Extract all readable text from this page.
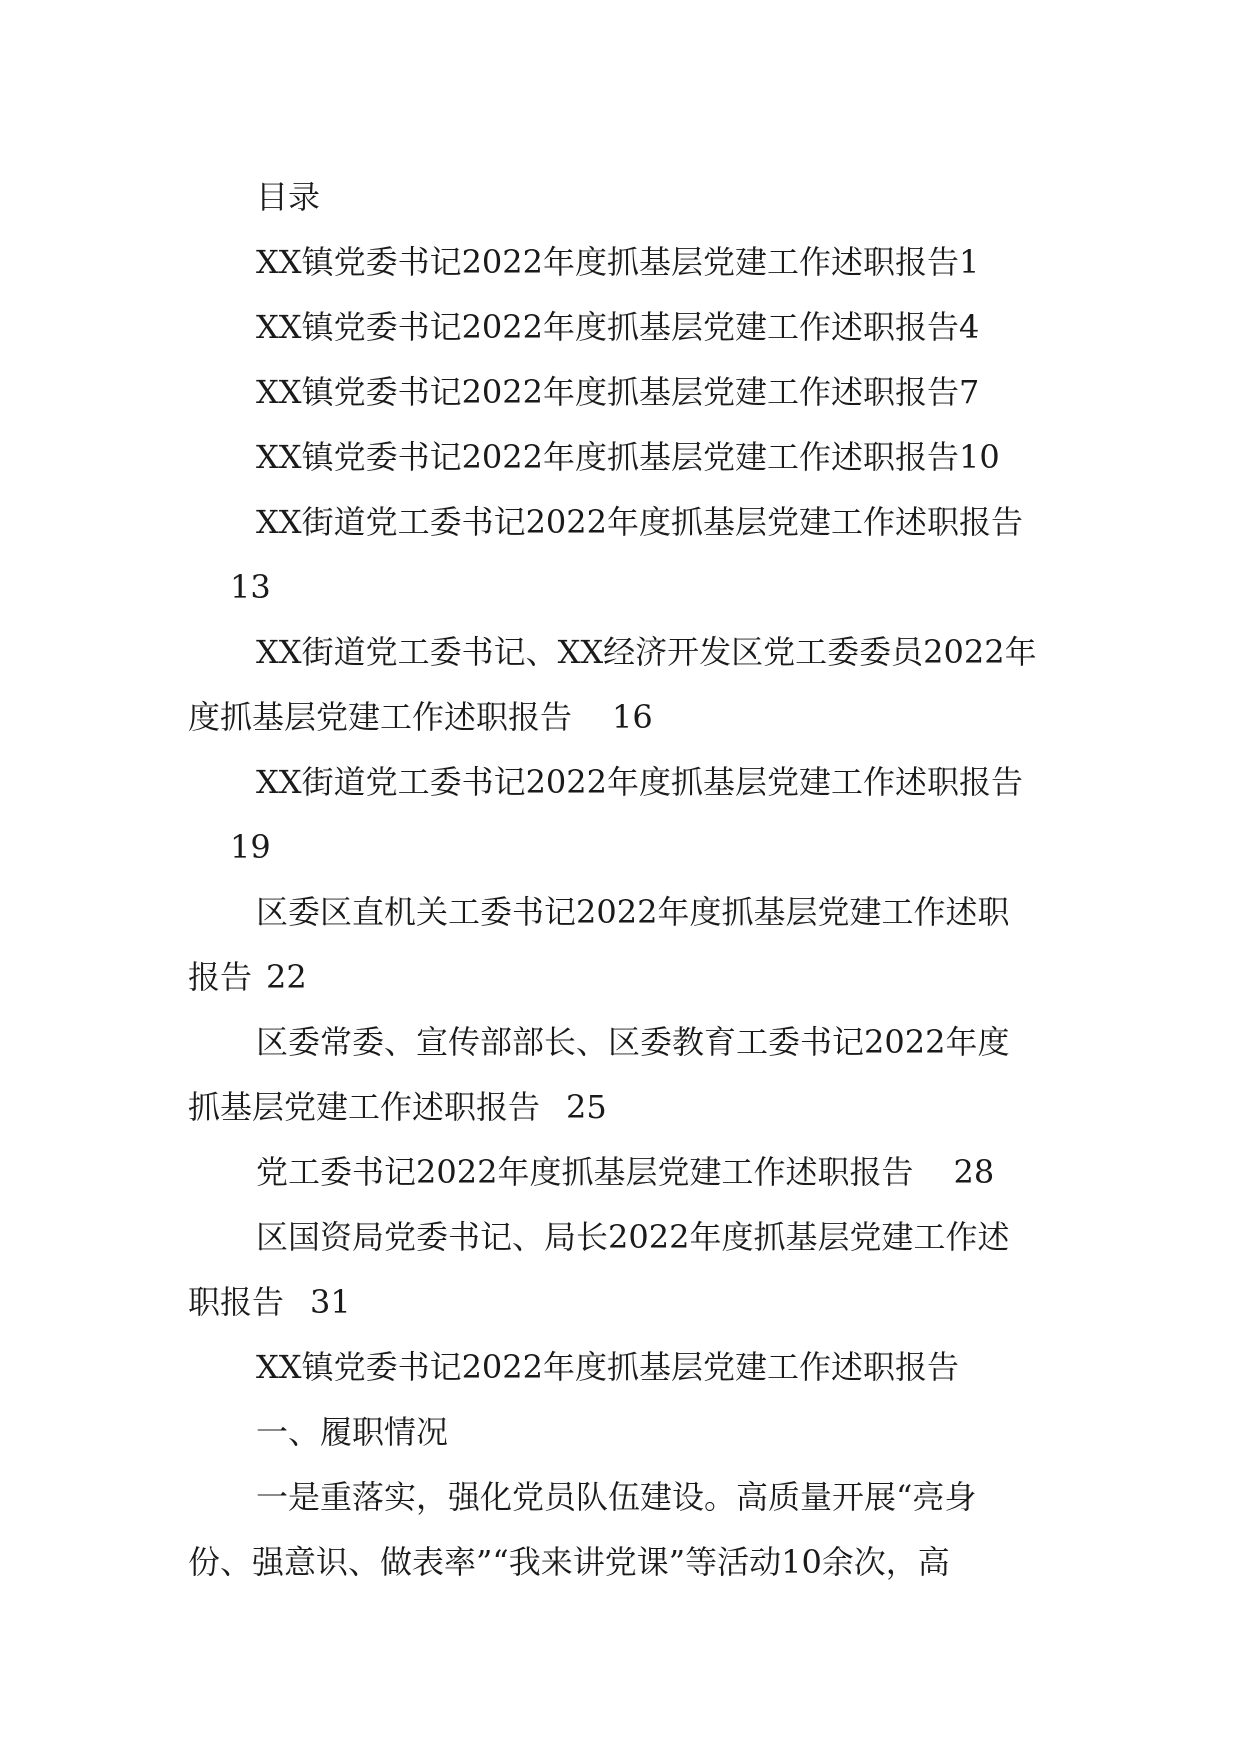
目录
XX镇党委书记2022年度抓基层党建工作述职报告1
XX镇党委书记2022年度抓基层党建工作述职报告4
XX镇党委书记2022年度抓基层党建工作述职报告7
XX镇党委书记2022年度抓基层党建工作述职报告10
XX街道党工委书记2022年度抓基层党建工作述职报告
13
XX街道党工委书记、XX经济开发区党工委委员2022年
度抓基层党建工作述职报告 16
XX街道党工委书记2022年度抓基层党建工作述职报告
19
区委区直机关工委书记2022年度抓基层党建工作述职
报告 22
区委常委、宣传部部长、区委教育工委书记2022年度
抓基层党建工作述职报告 25
党工委书记2022年度抓基层党建工作述职报告 28
区国资局党委书记、局长2022年度抓基层党建工作述
职报告 31
XX镇党委书记2022年度抓基层党建工作述职报告
一、履职情况
一是重落实，强化党员队伍建设。高质量开展“亮身
份、强意识、做表率”“我来讲党课”等活动10余次，高
